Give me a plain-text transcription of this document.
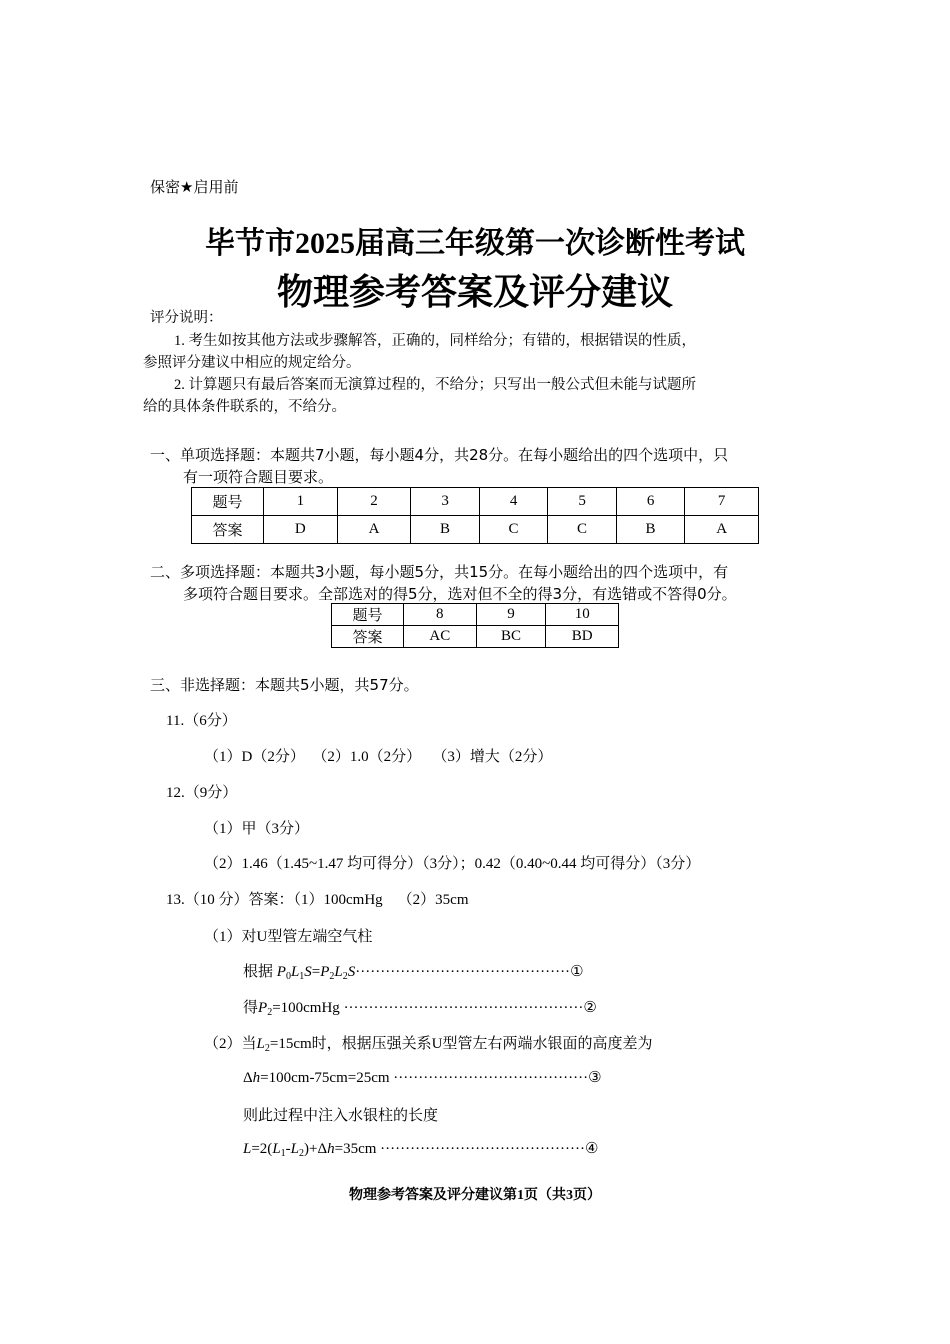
保密★启用前
毕节市2025届高三年级第一次诊断性考试
物理参考答案及评分建议
评分说明：
1. 考生如按其他方法或步骤解答，正确的，同样给分；有错的，根据错误的性质，
参照评分建议中相应的规定给分。
2. 计算题只有最后答案而无演算过程的，不给分；只写出一般公式但未能与试题所
给的具体条件联系的，不给分。
一、单项选择题：本题共7小题，每小题4分，共28分。在每小题给出的四个选项中，只
有一项符合题目要求。
题号	1	2	3	4	5	6	7
答案	D	A	B	C	C	B	A
二、多项选择题：本题共3小题，每小题5分，共15分。在每小题给出的四个选项中，有
多项符合题目要求。全部选对的得5分，选对但不全的得3分，有选错或不答得0分。
题号	8	9	10
答案	AC	BC	BD
三、非选择题：本题共5小题，共57分。
11.（6分）
（1）D（2分）  （2）1.0（2分）   （3）增大（2分）
12.（9分）
（1）甲（3分）
（2）1.46（1.45~1.47 均可得分）（3分）；0.42（0.40~0.44 均可得分）（3分）
13.（10 分）答案：（1）100cmHg    （2）35cm
（1）对U型管左端空气柱
根据 $P_0L_1S=P_2L_2S\cdot\cdot\cdot\cdot\cdot\cdot\cdot\cdot\cdot\cdot\cdot\cdot\cdot\cdot\cdot\cdot\cdot\cdot\cdot\cdot\cdot\cdot\cdot\cdot\cdot\cdot\cdot\cdot\cdot\cdot\cdot\cdot\cdot\cdot\cdot\cdot\cdot\cdot\cdot\cdot\cdot\cdot\cdot ①$
得$P_2=100cmHg$ ················································②
（2）当$L_2=15cm$时，根据压强关系U型管左右两端水银面的高度差为
Δh=100cm-75cm=25cm ·······································③
则此过程中注入水银柱的长度
$L=2(L_1-L_2)+\Delta h=35cm$ ·········································④
物理参考答案及评分建议第1页（共3页）
